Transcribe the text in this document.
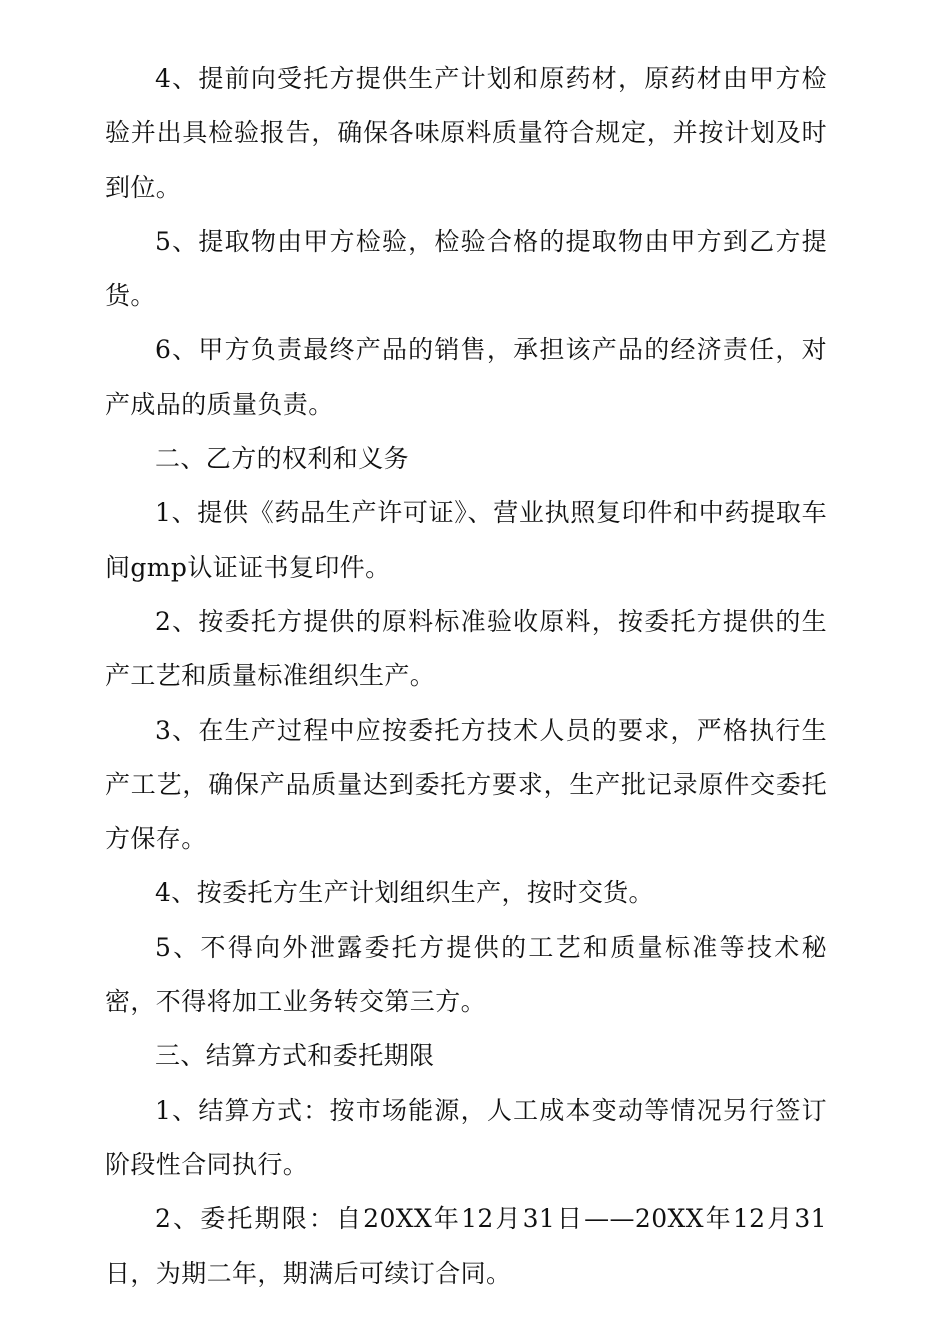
4、提前向受托方提供生产计划和原药材，原药材由甲方检验并出具检验报告，确保各味原料质量符合规定，并按计划及时到位。

5、提取物由甲方检验，检验合格的提取物由甲方到乙方提货。

6、甲方负责最终产品的销售，承担该产品的经济责任，对产成品的质量负责。

二、乙方的权利和义务

1、提供《药品生产许可证》、营业执照复印件和中药提取车间gmp认证证书复印件。

2、按委托方提供的原料标准验收原料，按委托方提供的生产工艺和质量标准组织生产。

3、在生产过程中应按委托方技术人员的要求，严格执行生产工艺，确保产品质量达到委托方要求，生产批记录原件交委托方保存。

4、按委托方生产计划组织生产，按时交货。

5、不得向外泄露委托方提供的工艺和质量标准等技术秘密，不得将加工业务转交第三方。

三、结算方式和委托期限

1、结算方式：按市场能源，人工成本变动等情况另行签订阶段性合同执行。

2、委托期限：自20XX年12月31日——20XX年12月31日，为期二年，期满后可续订合同。
